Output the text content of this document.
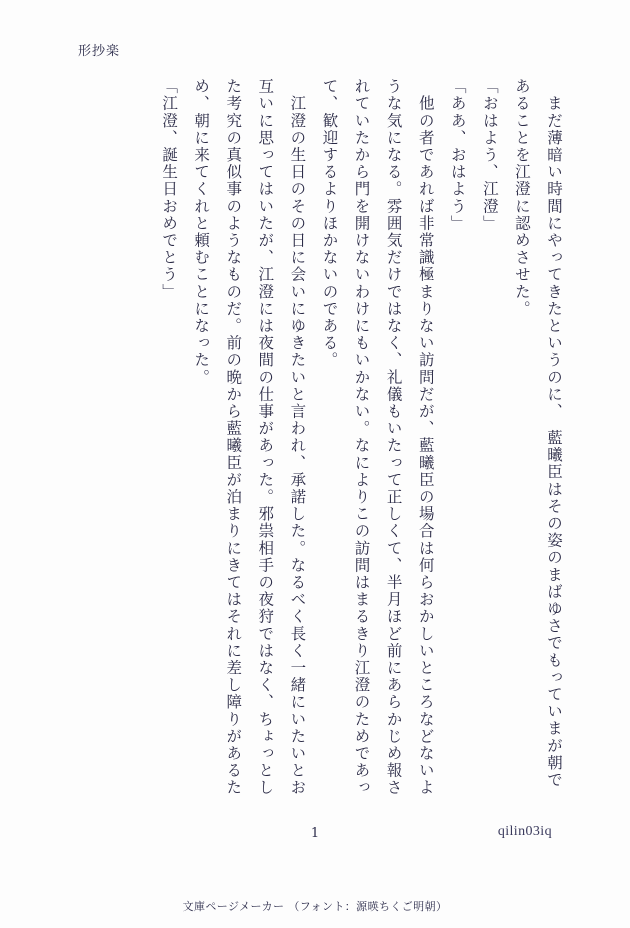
形抄楽

　まだ薄暗い時間にやってきたというのに、　藍曦臣はその姿のまばゆさでもっていまが朝であることを江澄に認めさせた。

「おはよう、江澄」

「ああ、おはよう」

　他の者であれば非常識極まりない訪問だが、藍曦臣の場合は何らおかしいところなどないような気になる。雰囲気だけではなく、礼儀もいたって正しくて、半月ほど前にあらかじめ報されていたから門を開けないわけにもいかない。なによりこの訪問はまるきり江澄のためであって、歓迎するよりほかないのである。

　江澄の生日のその日に会いにゆきたいと言われ、承諾した。なるべく長く一緒にいたいとお互いに思ってはいたが、江澄には夜間の仕事があった。邪祟相手の夜狩ではなく、ちょっとした考究の真似事のようなものだ。前の晩から藍曦臣が泊まりにきてはそれに差し障りがあるため、朝に来てくれと頼むことになった。

「江澄、誕生日おめでとう」

1	qilin03iq
文庫ページメーカー （フォント：源暎ちくご明朝）
